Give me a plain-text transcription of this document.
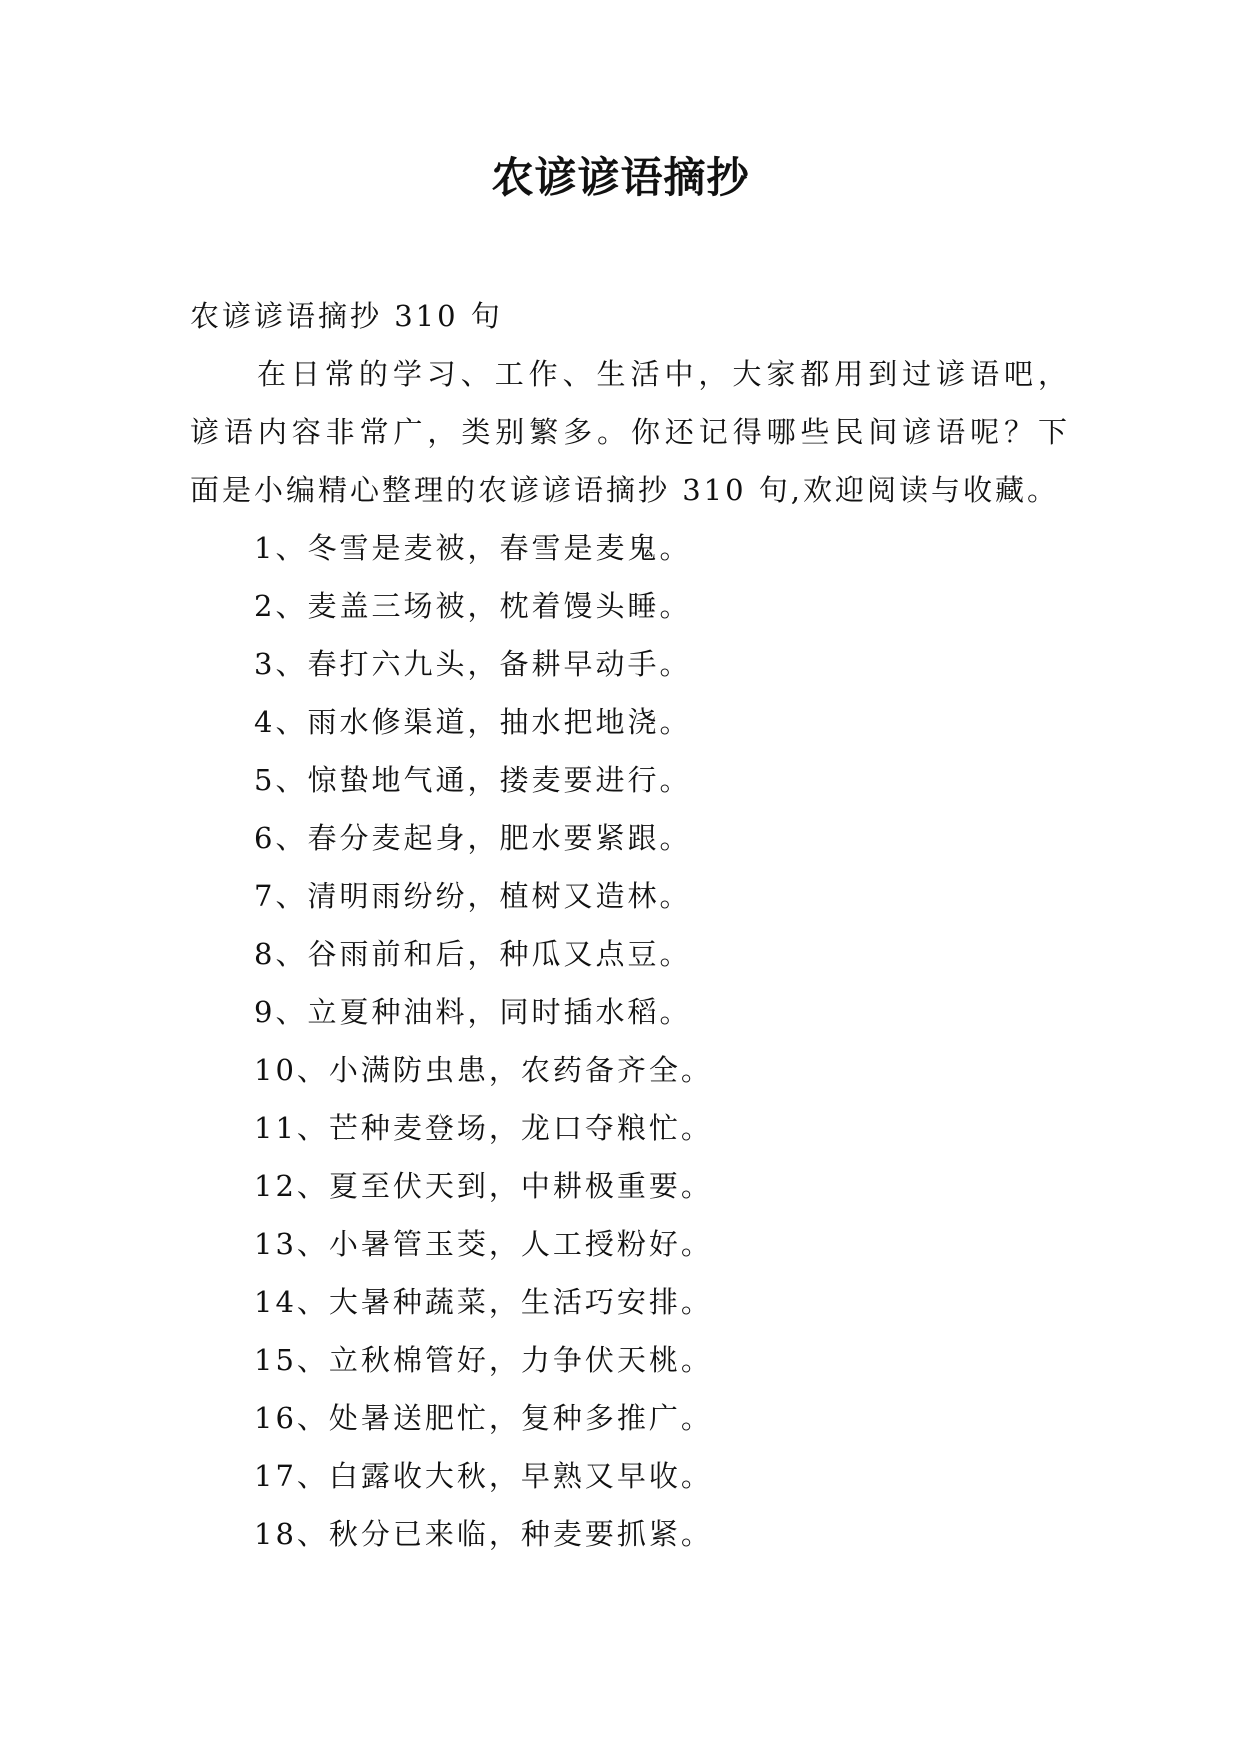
农谚谚语摘抄
农谚谚语摘抄 310 句
在日常的学习、工作、生活中，大家都用到过谚语吧，
谚语内容非常广，类别繁多。你还记得哪些民间谚语呢？下
面是小编精心整理的农谚谚语摘抄 310 句,欢迎阅读与收藏。
1、冬雪是麦被，春雪是麦鬼。
2、麦盖三场被，枕着馒头睡。
3、春打六九头，备耕早动手。
4、雨水修渠道，抽水把地浇。
5、惊蛰地气通，搂麦要进行。
6、春分麦起身，肥水要紧跟。
7、清明雨纷纷，植树又造林。
8、谷雨前和后，种瓜又点豆。
9、立夏种油料，同时插水稻。
10、小满防虫患，农药备齐全。
11、芒种麦登场，龙口夺粮忙。
12、夏至伏天到，中耕极重要。
13、小暑管玉茭，人工授粉好。
14、大暑种蔬菜，生活巧安排。
15、立秋棉管好，力争伏天桃。
16、处暑送肥忙，复种多推广。
17、白露收大秋，早熟又早收。
18、秋分已来临，种麦要抓紧。
